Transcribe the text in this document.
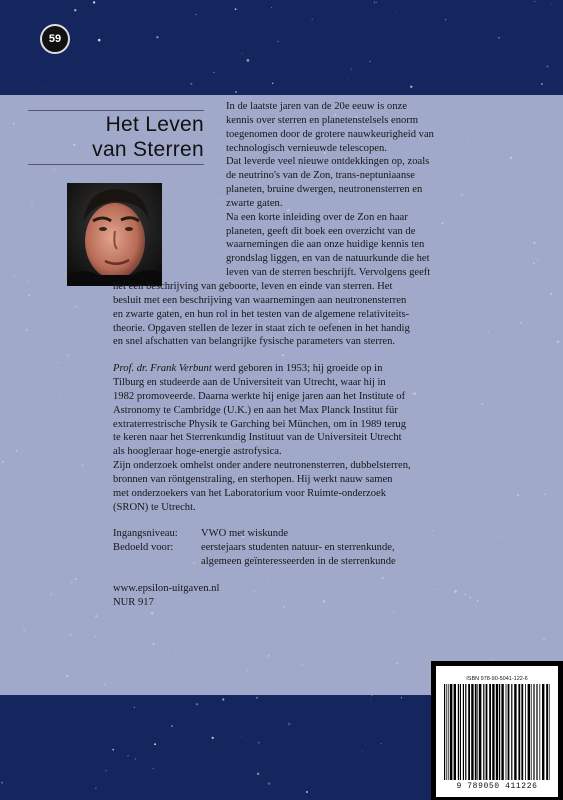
59
Het Leven
van Sterren

In de laatste jaren van de 20e eeuw is onze
kennis over sterren en planetenstelsels enorm
toegenomen door de grotere nauwkeurigheid van
technologisch vernieuwde telescopen.
Dat leverde veel nieuwe ontdekkingen op, zoals
de neutrino's van de Zon, trans-neptuniaanse
planeten, bruine dwergen, neutronensterren en
zwarte gaten.
Na een korte inleiding over de Zon en haar
planeten, geeft dit boek een overzicht van de
waarnemingen die aan onze huidige kennis ten
grondslag liggen, en van de natuurkunde die het
leven van de sterren beschrijft. Vervolgens geeft
het een beschrijving van geboorte, leven en einde van sterren. Het
besluit met een beschrijving van waarnemingen aan neutronensterren
en zwarte gaten, en hun rol in het testen van de algemene relativiteits-
theorie. Opgaven stellen de lezer in staat zich te oefenen in het handig
en snel afschatten van belangrijke fysische parameters van sterren.

Prof. dr. Frank Verbunt werd geboren in 1953; hij groeide op in
Tilburg en studeerde aan de Universiteit van Utrecht, waar hij in
1982 promoveerde. Daarna werkte hij enige jaren aan het Institute of
Astronomy te Cambridge (U.K.) en aan het Max Planck Institut für
extraterrestrische Physik te Garching bei München, om in 1989 terug
te keren naar het Sterrenkundig Instituut van de Universiteit Utrecht
als hoogleraar hoge-energie astrofysica.
Zijn onderzoek omhelst onder andere neutronensterren, dubbelsterren,
bronnen van röntgenstraling, en sterhopen. Hij werkt nauw samen
met onderzoekers van het Laboratorium voor Ruimte-onderzoek
(SRON) te Utrecht.

Ingangsniveau:	VWO met wiskunde
Bedoeld voor:	eerstejaars studenten natuur- en sterrenkunde,
algemeen geïnteresseerden in de sterrenkunde
www.epsilon-uitgaven.nl
NUR 917
ISBN 978-90-5041-122-6
9 789050 411226
